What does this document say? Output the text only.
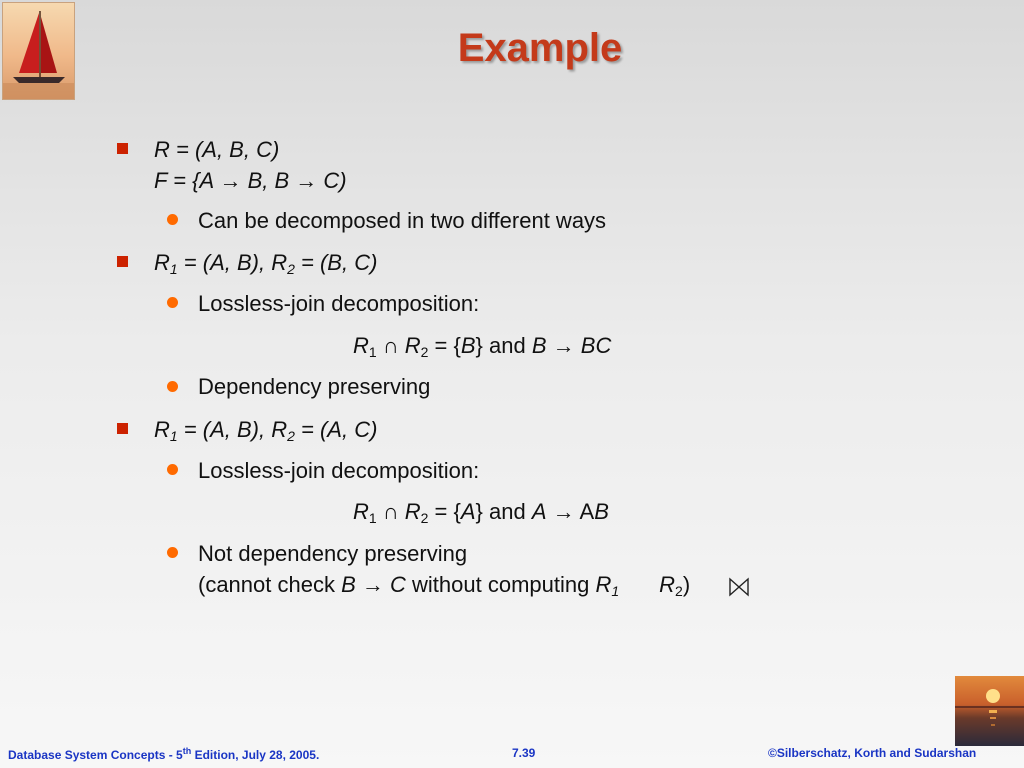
Example
R = (A, B, C)
F = {A → B, B → C)
Can be decomposed in two different ways
$R_1 = (A$, B), $R_2 = (B$, C)
Lossless-join decomposition:
$R_1$ ∩ $R_2 = \{B\}$ and B → BC
Dependency preserving
$R_1 = (A$, B), $R_2 = (A$, C)
Lossless-join decomposition:
$R_1$ ∩ $R_2 = \{A\}$ and A → AB
Not dependency preserving
(cannot check B → C without computing $R_1$ $R_2$)
Database System Concepts - 5th Edition, July 28, 2005.	7.39	©Silberschatz, Korth and Sudarshan
